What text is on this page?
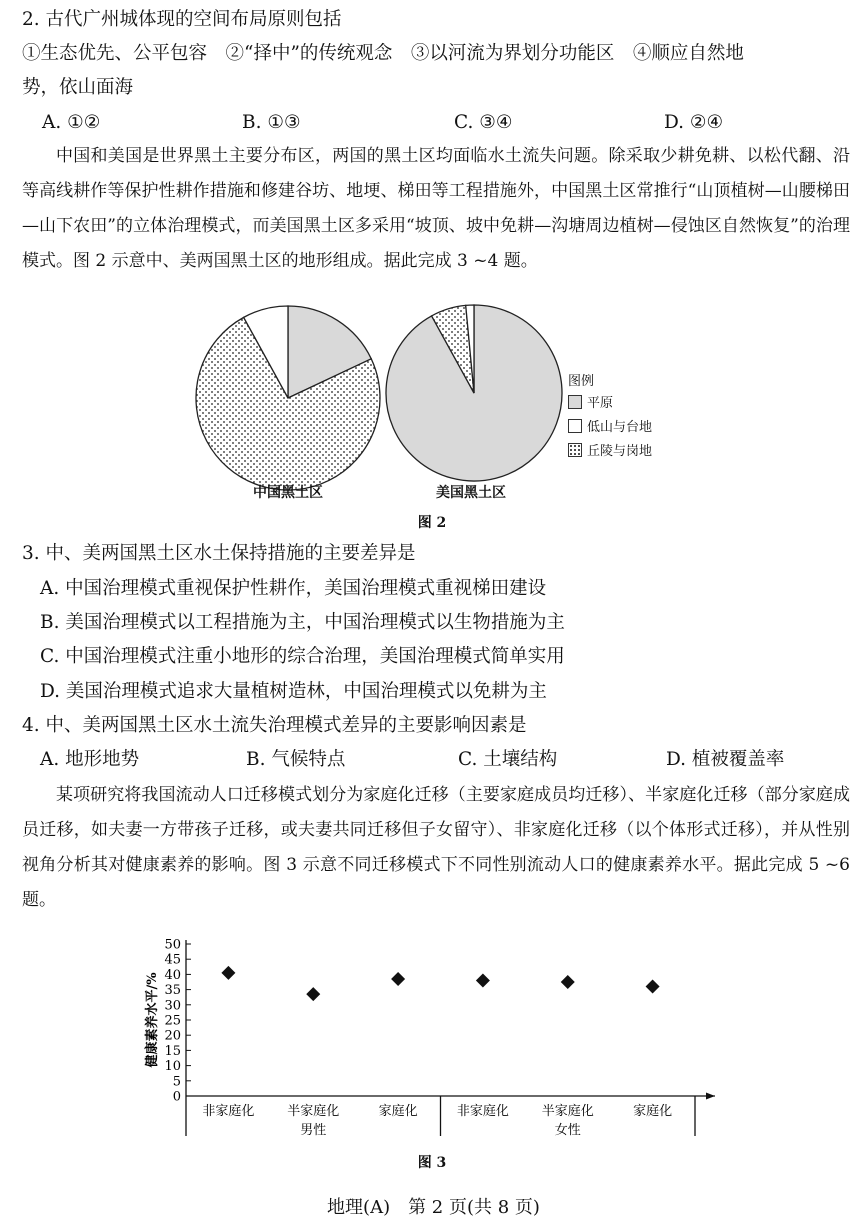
2. 古代广州城体现的空间布局原则包括
①生态优先、公平包容　②“择中”的传统观念　③以河流为界划分功能区　④顺应自然地
势，依山面海
A. ①②	B. ①③	C. ③④	D. ②④
中国和美国是世界黑土主要分布区，两国的黑土区均面临水土流失问题。除采取少耕免耕、以松代翻、沿等高线耕作等保护性耕作措施和修建谷坊、地埂、梯田等工程措施外，中国黑土区常推行“山顶植树—山腰梯田—山下农田”的立体治理模式，而美国黑土区多采用“坡顶、坡中免耕—沟塘周边植树—侵蚀区自然恢复”的治理模式。图 2 示意中、美两国黑土区的地形组成。据此完成 3 ~4 题。
中国黑土区	美国黑土区
图例
平原
低山与台地
丘陵与岗地
图 2
3. 中、美两国黑土区水土保持措施的主要差异是
A. 中国治理模式重视保护性耕作，美国治理模式重视梯田建设
B. 美国治理模式以工程措施为主，中国治理模式以生物措施为主
C. 中国治理模式注重小地形的综合治理，美国治理模式简单实用
D. 美国治理模式追求大量植树造林，中国治理模式以免耕为主
4. 中、美两国黑土区水土流失治理模式差异的主要影响因素是
A. 地形地势	B. 气候特点	C. 土壤结构	D. 植被覆盖率
某项研究将我国流动人口迁移模式划分为家庭化迁移（主要家庭成员均迁移）、半家庭化迁移（部分家庭成员迁移，如夫妻一方带孩子迁移，或夫妻共同迁移但子女留守）、非家庭化迁移（以个体形式迁移），并从性别视角分析其对健康素养的影响。图 3 示意不同迁移模式下不同性别流动人口的健康素养水平。据此完成 5 ~6 题。
0
5
10
15
20
25
30
35
40
45
50
健康素养水平/%
非家庭化	半家庭化	家庭化	非家庭化	半家庭化	家庭化
男性	女性
图 3
地理(A)　第 2 页(共 8 页)
